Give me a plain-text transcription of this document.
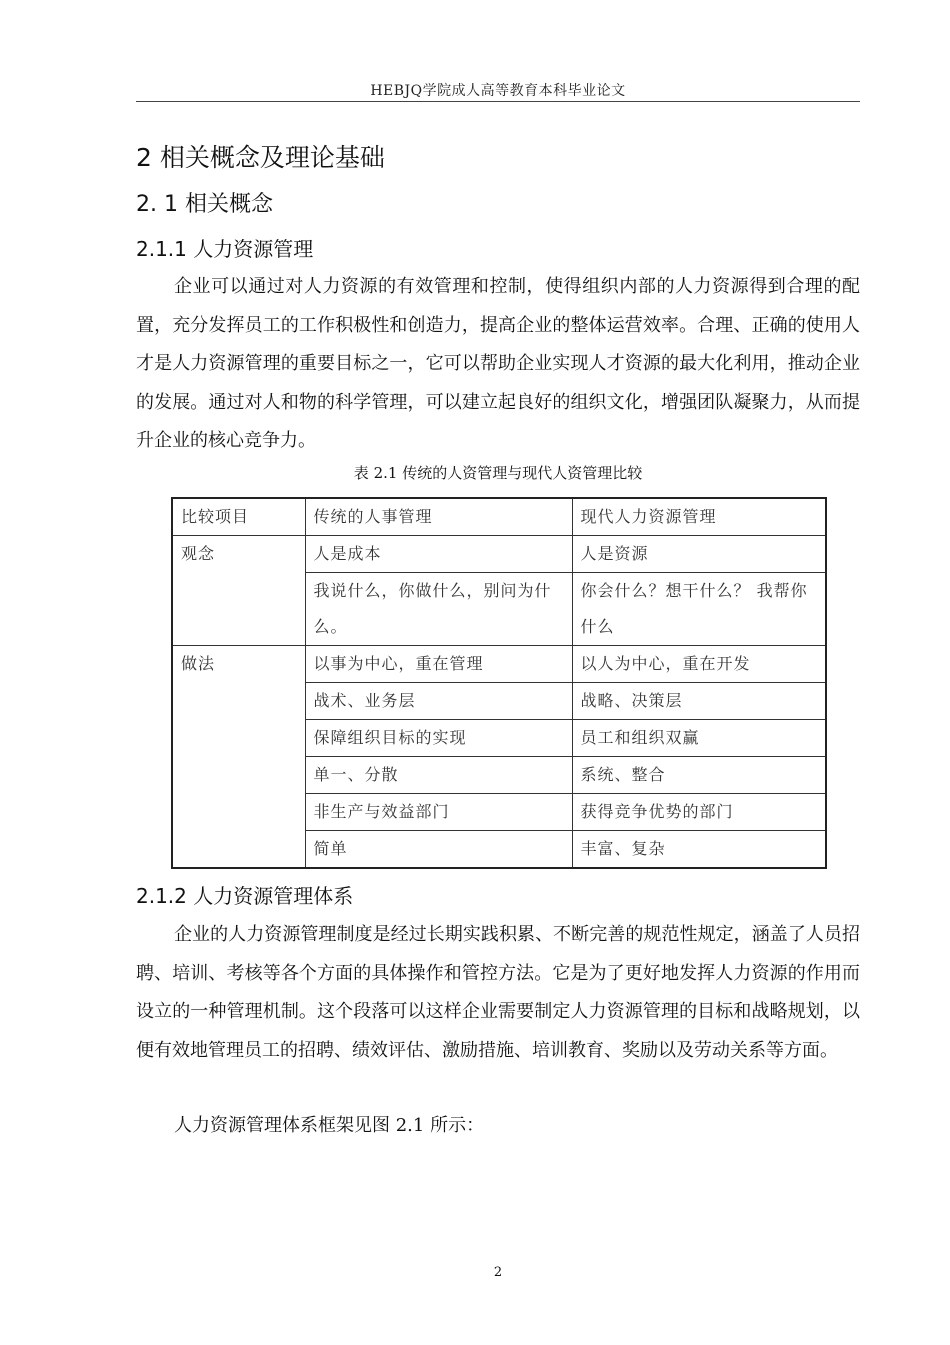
HEBJQ学院成人高等教育本科毕业论文
2 相关概念及理论基础
2. 1 相关概念
2.1.1 人力资源管理
企业可以通过对人力资源的有效管理和控制，使得组织内部的人力资源得到合理的配置，充分发挥员工的工作积极性和创造力，提高企业的整体运营效率。合理、正确的使用人才是人力资源管理的重要目标之一，它可以帮助企业实现人才资源的最大化利用，推动企业的发展。通过对人和物的科学管理，可以建立起良好的组织文化，增强团队凝聚力，从而提升企业的核心竞争力。
表 2.1 传统的人资管理与现代人资管理比较
比较项目	传统的人事管理	现代人力资源管理
观念	人是成本	人是资源
	我说什么，你做什么，别问为什么。	你会什么？想干什么？ 我帮你什么
做法	以事为中心，重在管理	以人为中心，重在开发
	战术、业务层	战略、决策层
	保障组织目标的实现	员工和组织双赢
	单一、分散	系统、整合
	非生产与效益部门	获得竞争优势的部门
	简单	丰富、复杂
2.1.2 人力资源管理体系
企业的人力资源管理制度是经过长期实践积累、不断完善的规范性规定，涵盖了人员招聘、培训、考核等各个方面的具体操作和管控方法。它是为了更好地发挥人力资源的作用而设立的一种管理机制。这个段落可以这样企业需要制定人力资源管理的目标和战略规划，以便有效地管理员工的招聘、绩效评估、激励措施、培训教育、奖励以及劳动关系等方面。
人力资源管理体系框架见图 2.1 所示：
2
